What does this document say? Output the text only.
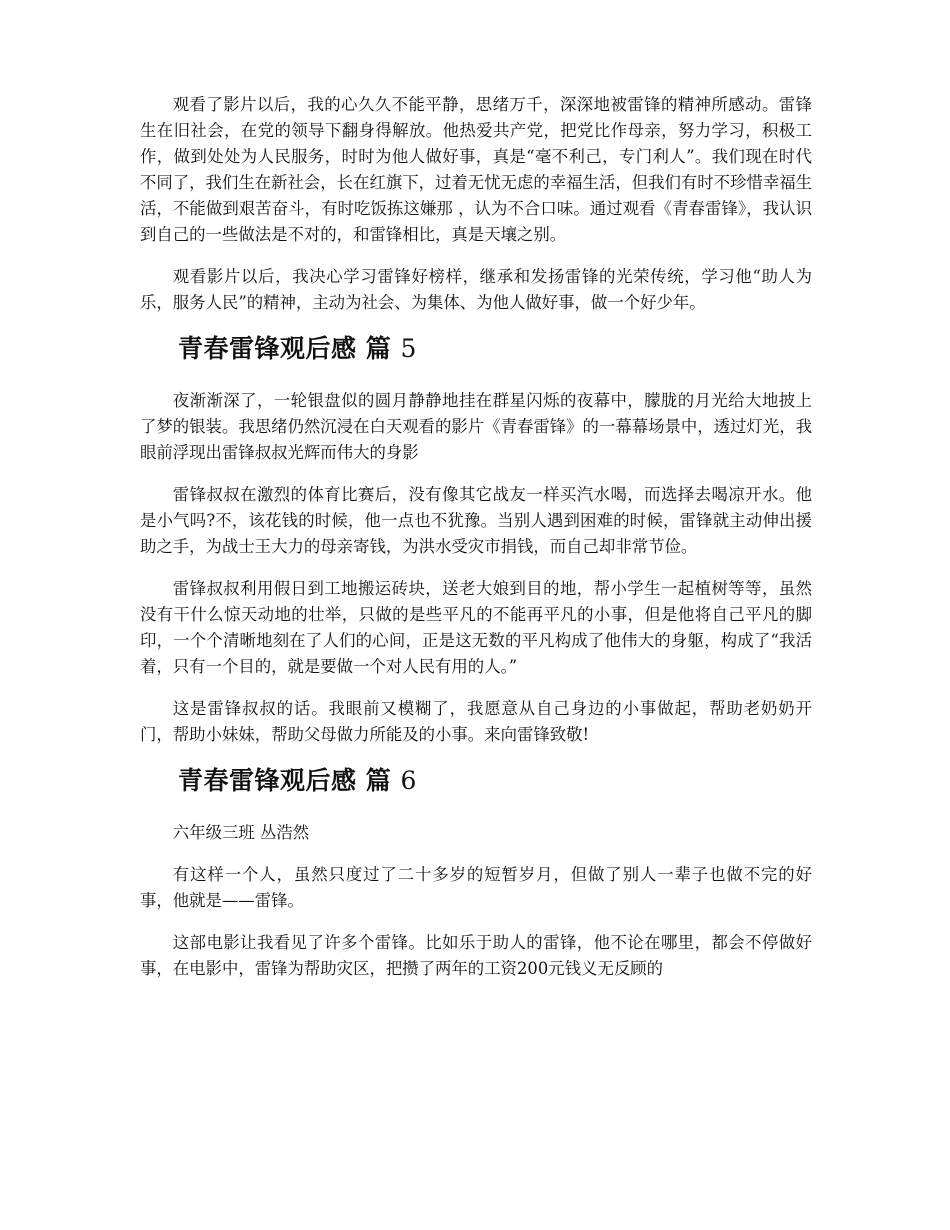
观看了影片以后，我的心久久不能平静，思绪万千，深深地被雷锋的精神所感动。雷锋生在旧社会，在党的领导下翻身得解放。他热爱共产党，把党比作母亲，努力学习，积极工作，做到处处为人民服务，时时为他人做好事，真是“毫不利己，专门利人”。我们现在时代不同了，我们生在新社会，长在红旗下，过着无忧无虑的幸福生活，但我们有时不珍惜幸福生活，不能做到艰苦奋斗，有时吃饭拣这嫌那 ，认为不合口味。通过观看《青春雷锋》，我认识到自己的一些做法是不对的，和雷锋相比，真是天壤之别。

观看影片以后，我决心学习雷锋好榜样，继承和发扬雷锋的光荣传统，学习他“助人为乐，服务人民”的精神，主动为社会、为集体、为他人做好事，做一个好少年。

青春雷锋观后感 篇 5

夜渐渐深了，一轮银盘似的圆月静静地挂在群星闪烁的夜幕中，朦胧的月光给大地披上了梦的银装。我思绪仍然沉浸在白天观看的影片《青春雷锋》的一幕幕场景中，透过灯光，我眼前浮现出雷锋叔叔光辉而伟大的身影

雷锋叔叔在激烈的体育比赛后，没有像其它战友一样买汽水喝，而选择去喝凉开水。他是小气吗?不，该花钱的时候，他一点也不犹豫。当别人遇到困难的时候，雷锋就主动伸出援助之手，为战士王大力的母亲寄钱，为洪水受灾市捐钱，而自己却非常节俭。

雷锋叔叔利用假日到工地搬运砖块，送老大娘到目的地，帮小学生一起植树等等，虽然没有干什么惊天动地的壮举，只做的是些平凡的不能再平凡的小事，但是他将自己平凡的脚印，一个个清晰地刻在了人们的心间，正是这无数的平凡构成了他伟大的身躯，构成了“我活着，只有一个目的，就是要做一个对人民有用的人。”

这是雷锋叔叔的话。我眼前又模糊了，我愿意从自己身边的小事做起，帮助老奶奶开门，帮助小妹妹，帮助父母做力所能及的小事。来向雷锋致敬!

青春雷锋观后感 篇 6

六年级三班 丛浩然

有这样一个人，虽然只度过了二十多岁的短暂岁月，但做了别人一辈子也做不完的好事，他就是——雷锋。

这部电影让我看见了许多个雷锋。比如乐于助人的雷锋，他不论在哪里，都会不停做好事，在电影中，雷锋为帮助灾区，把攒了两年的工资200元钱义无反顾的
